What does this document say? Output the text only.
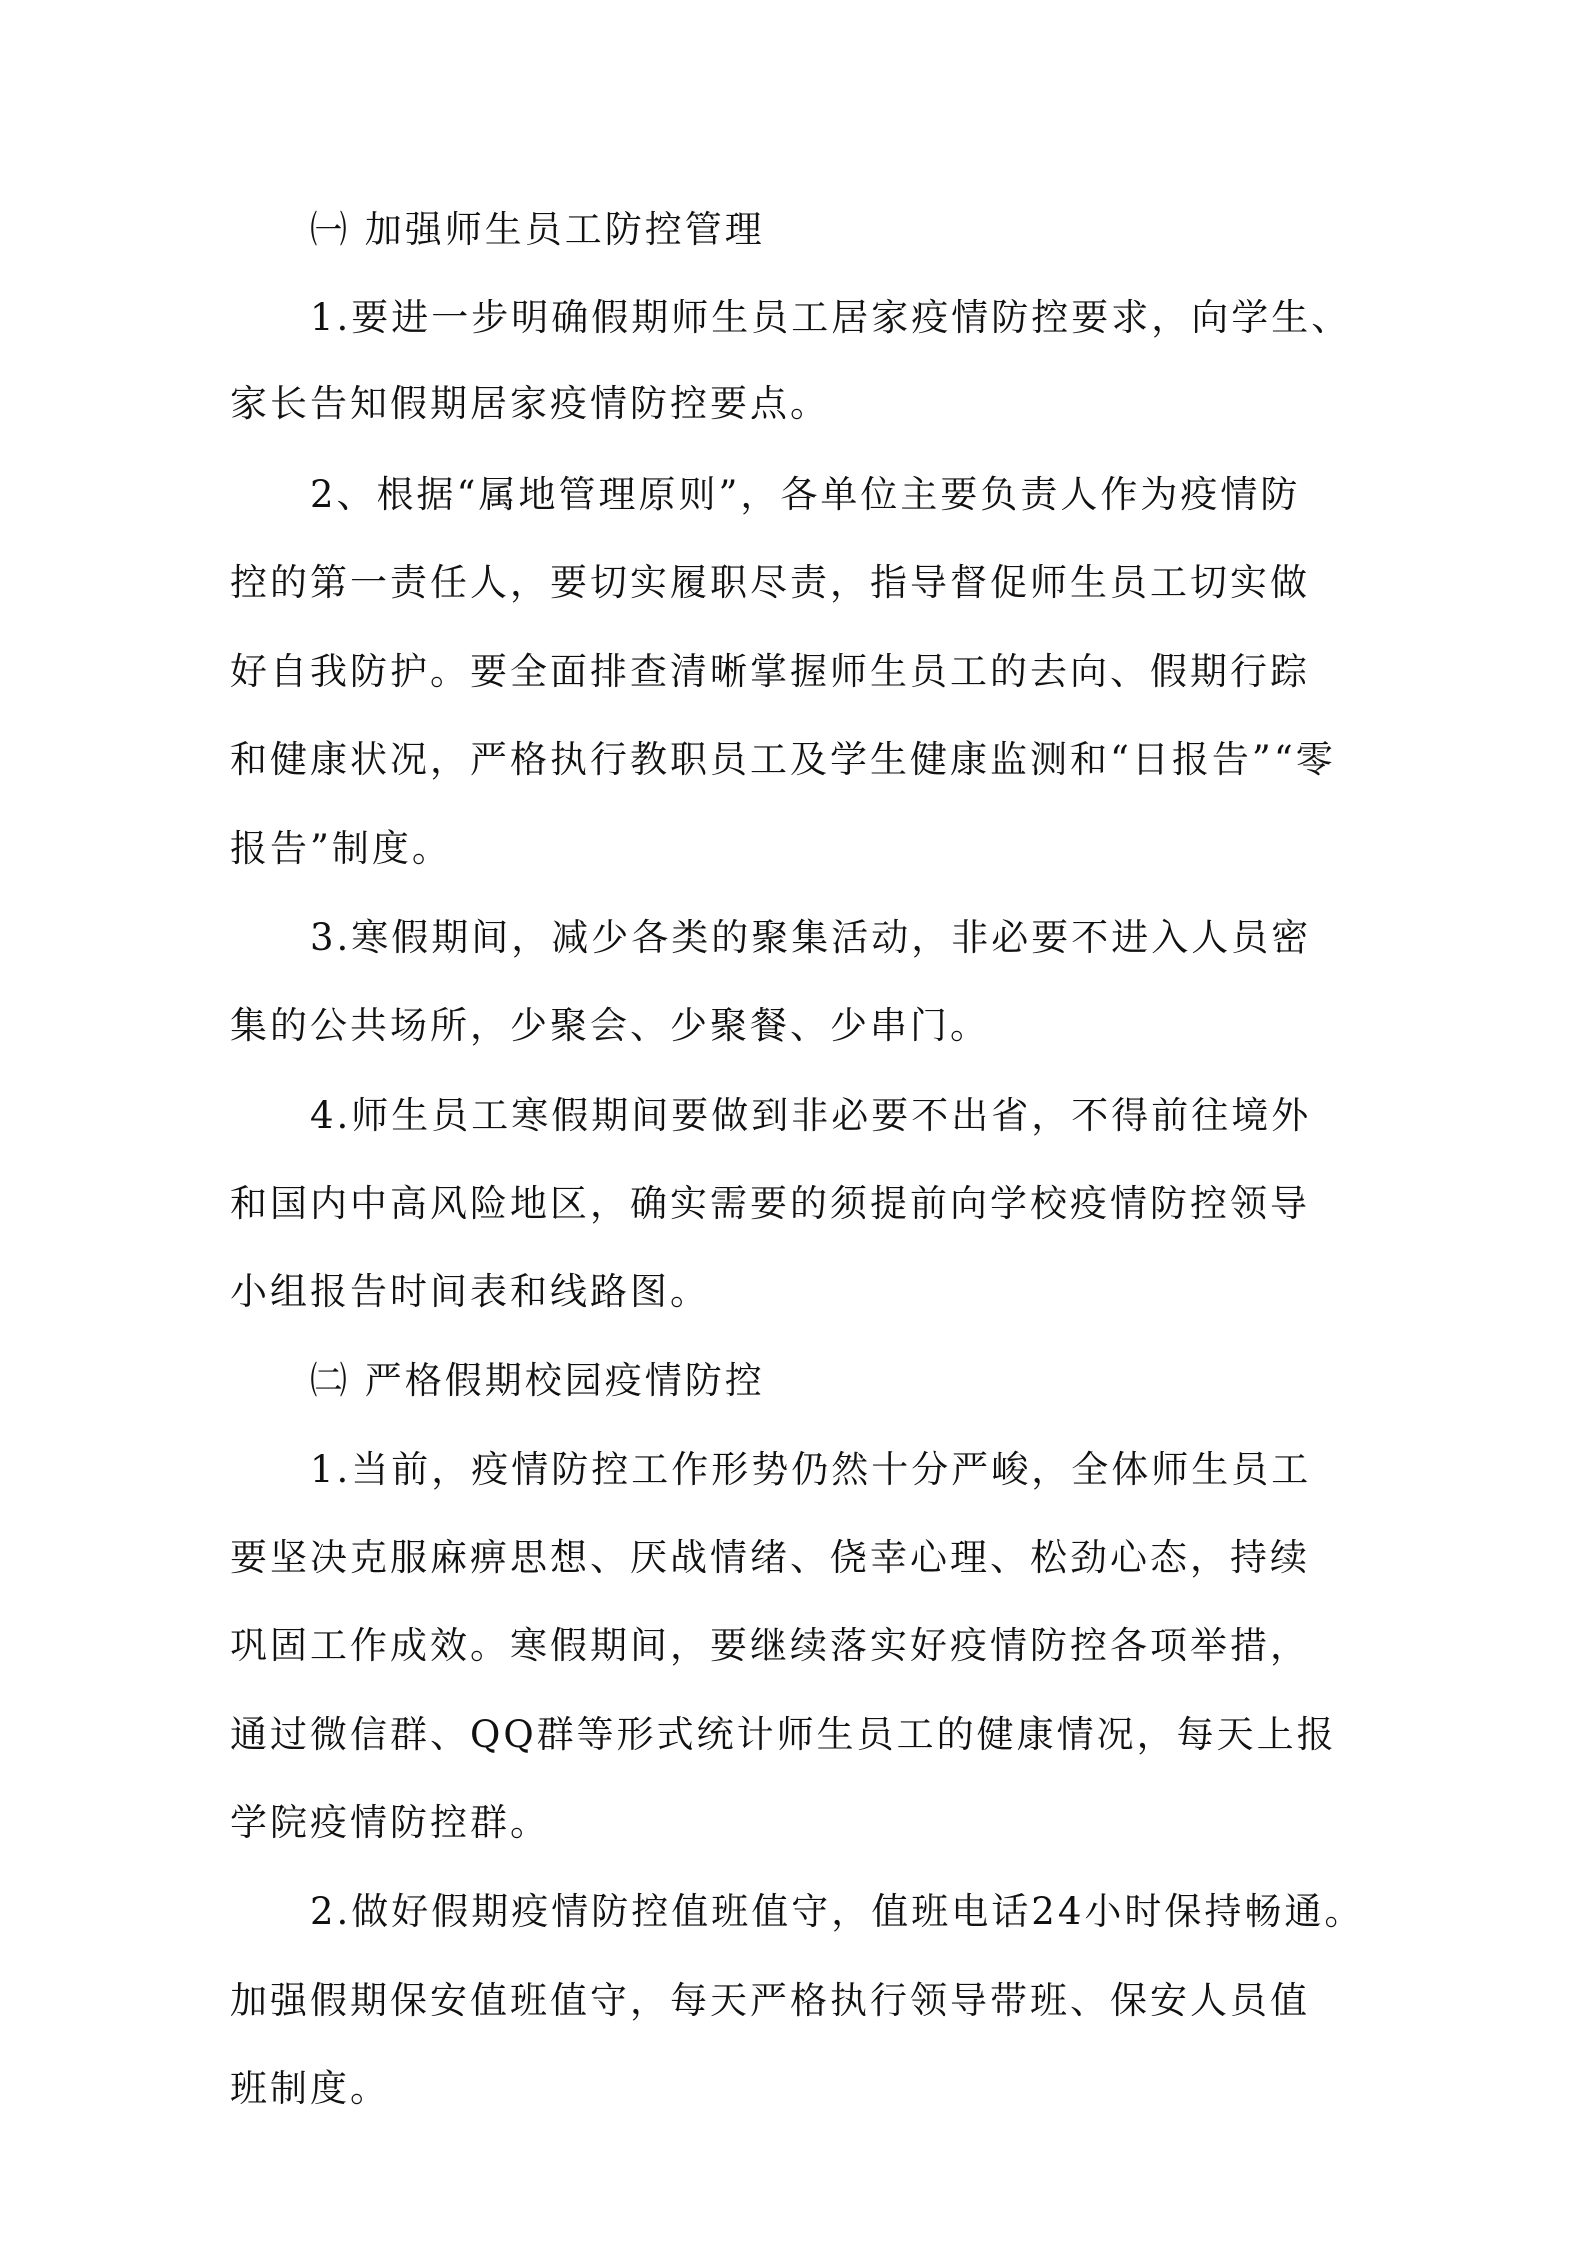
㈠ 加强师生员工防控管理
1.要进一步明确假期师生员工居家疫情防控要求，向学生、
家长告知假期居家疫情防控要点。
2、根据“属地管理原则”，各单位主要负责人作为疫情防
控的第一责任人，要切实履职尽责，指导督促师生员工切实做
好自我防护。要全面排查清晰掌握师生员工的去向、假期行踪
和健康状况，严格执行教职员工及学生健康监测和“日报告”“零
报告”制度。
3.寒假期间，减少各类的聚集活动，非必要不进入人员密
集的公共场所，少聚会、少聚餐、少串门。
4.师生员工寒假期间要做到非必要不出省，不得前往境外
和国内中高风险地区，确实需要的须提前向学校疫情防控领导
小组报告时间表和线路图。
㈡ 严格假期校园疫情防控
1.当前，疫情防控工作形势仍然十分严峻，全体师生员工
要坚决克服麻痹思想、厌战情绪、侥幸心理、松劲心态，持续
巩固工作成效。寒假期间，要继续落实好疫情防控各项举措，
通过微信群、QQ群等形式统计师生员工的健康情况，每天上报
学院疫情防控群。
2.做好假期疫情防控值班值守，值班电话24小时保持畅通。
加强假期保安值班值守，每天严格执行领导带班、保安人员值
班制度。
